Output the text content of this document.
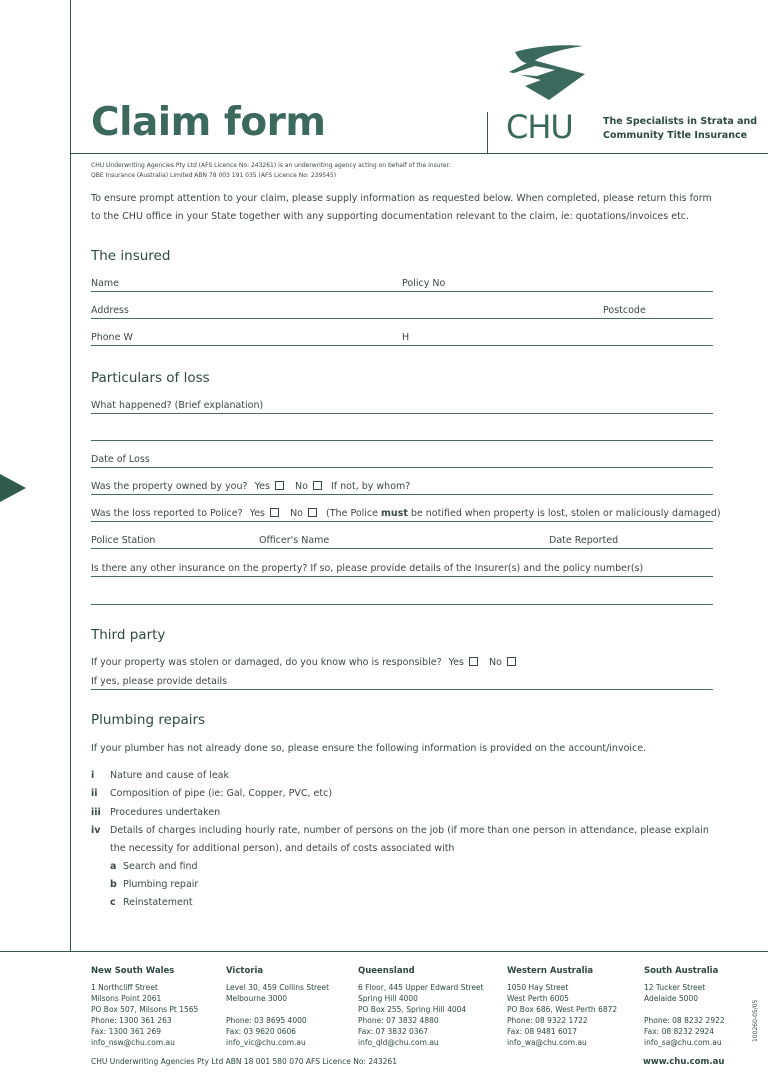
Claim form	CHU	The Specialists in Strata and
Community Title Insurance
CHU Underwriting Agencies Pty Ltd (AFS Licence No: 243261) is an underwriting agency acting on behalf of the insurer:
QBE Insurance (Australia) Limited ABN 78 003 191 035 (AFS Licence No: 239545)
To ensure prompt attention to your claim, please supply information as requested below. When completed, please return this form to the CHU office in your State together with any supporting documentation relevant to the claim, ie: quotations/invoices etc.
The insured
Name	Policy No
Address	Postcode
Phone W	H
Particulars of loss
What happened? (Brief explanation)
Date of Loss
Was the property owned by you? Yes	No If not, by whom?
Was the loss reported to Police? Yes	No (The Police must be notified when property is lost, stolen or maliciously damaged)
Police Station	Officer's Name	Date Reported
Is there any other insurance on the property? If so, please provide details of the Insurer(s) and the policy number(s)
Third party
If your property was stolen or damaged, do you know who is responsible? Yes	No
If yes, please provide details
Plumbing repairs
If your plumber has not already done so, please ensure the following information is provided on the account/invoice.
i Nature and cause of leak
ii Composition of pipe (ie: Gal, Copper, PVC, etc)
iii Procedures undertaken
iv Details of charges including hourly rate, number of persons on the job (if more than one person in attendance, please explain
the necessity for additional person), and details of costs associated with
a Search and find
b Plumbing repair
c Reinstatement
New South Wales
1 Northcliff Street
Milsons Point 2061
PO Box 507, Milsons Pt 1565
Phone: 1300 361 263
Fax: 1300 361 269
info_nsw@chu.com.au
Victoria
Level 30, 459 Collins Street
Melbourne 3000
Phone: 03 8695 4000
Fax: 03 9620 0606
info_vic@chu.com.au
Queensland
6 Floor, 445 Upper Edward Street
Spring Hill 4000
PO Box 255, Spring Hill 4004
Phone: 07 3832 4880
Fax: 07 3832 0367
info_qld@chu.com.au
Western Australia
1050 Hay Street
West Perth 6005
PO Box 686, West Perth 6872
Phone: 08 9322 1722
Fax: 08 9481 6017
info_wa@chu.com.au
South Australia
12 Tucker Street
Adelaide 5000
Phone: 08 8232 2922
Fax: 08 8232 2924
info_sa@chu.com.au
CHU Underwriting Agencies Pty Ltd ABN 18 001 580 070 AFS Licence No: 243261	www.chu.com.au
100260-05/05
